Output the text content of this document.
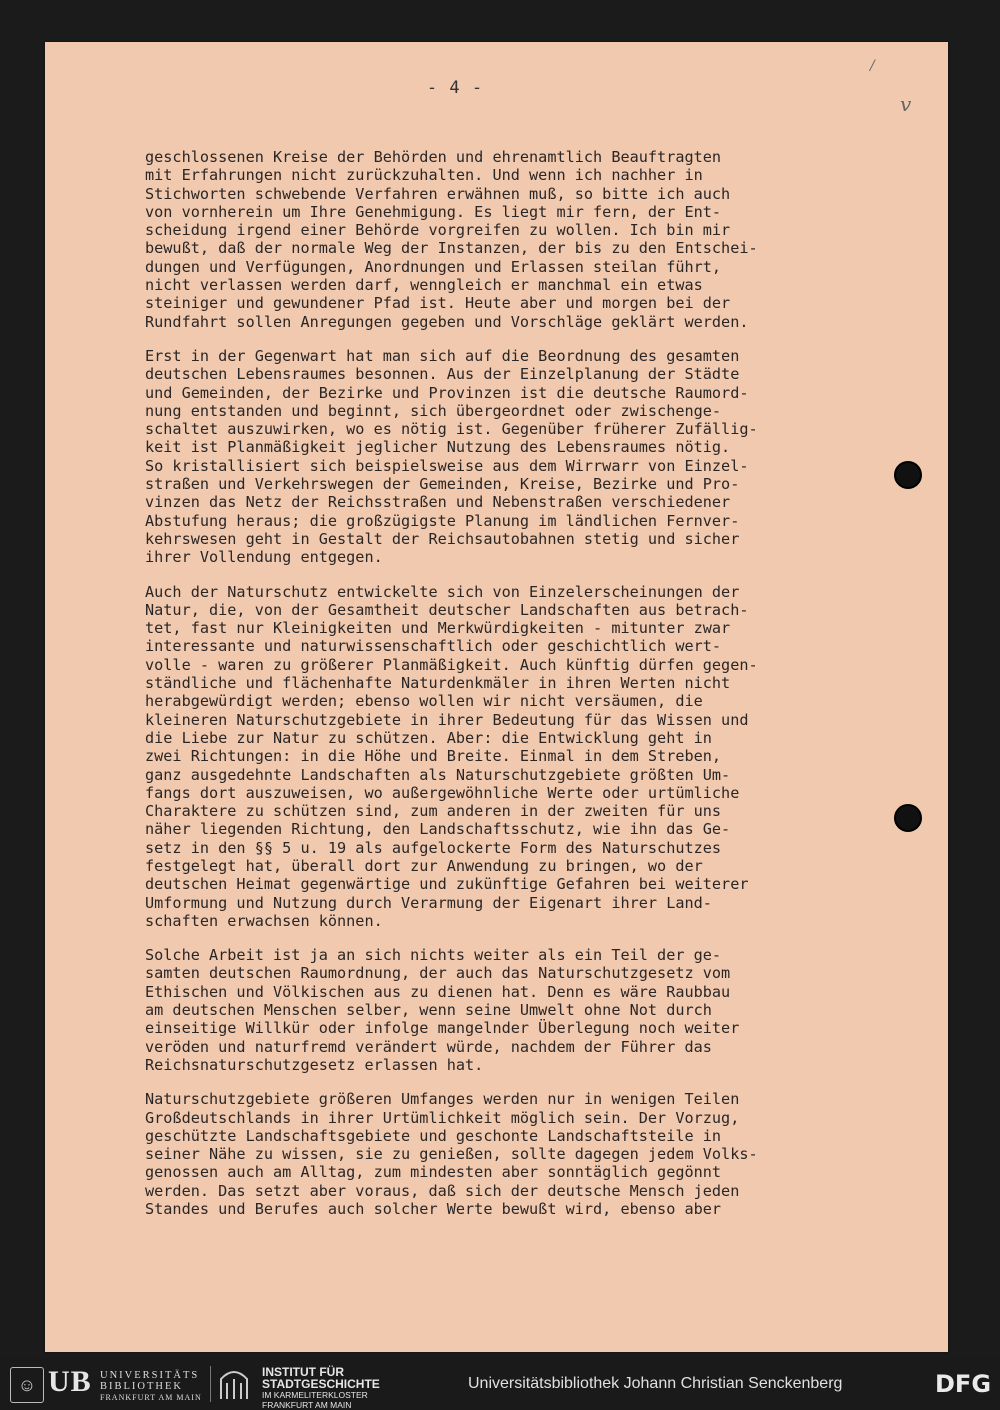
- 4 -
/
v
geschlossenen Kreise der Behörden und ehrenamtlich Beauftragten
mit Erfahrungen nicht zurückzuhalten. Und wenn ich nachher in
Stichworten schwebende Verfahren erwähnen muß, so bitte ich auch
von vornherein um Ihre Genehmigung. Es liegt mir fern, der Ent-
scheidung irgend einer Behörde vorgreifen zu wollen. Ich bin mir
bewußt, daß der normale Weg der Instanzen, der bis zu den Entschei-
dungen und Verfügungen, Anordnungen und Erlassen steilan führt,
nicht verlassen werden darf, wenngleich er manchmal ein etwas
steiniger und gewundener Pfad ist. Heute aber und morgen bei der
Rundfahrt sollen Anregungen gegeben und Vorschläge geklärt werden.
Erst in der Gegenwart hat man sich auf die Beordnung des gesamten
deutschen Lebensraumes besonnen. Aus der Einzelplanung der Städte
und Gemeinden, der Bezirke und Provinzen ist die deutsche Raumord-
nung entstanden und beginnt, sich übergeordnet oder zwischenge-
schaltet auszuwirken, wo es nötig ist. Gegenüber früherer Zufällig-
keit ist Planmäßigkeit jeglicher Nutzung des Lebensraumes nötig.
So kristallisiert sich beispielsweise aus dem Wirrwarr von Einzel-
straßen und Verkehrswegen der Gemeinden, Kreise, Bezirke und Pro-
vinzen das Netz der Reichsstraßen und Nebenstraßen verschiedener
Abstufung heraus; die großzügigste Planung im ländlichen Fernver-
kehrswesen geht in Gestalt der Reichsautobahnen stetig und sicher
ihrer Vollendung entgegen.
Auch der Naturschutz entwickelte sich von Einzelerscheinungen der
Natur, die, von der Gesamtheit deutscher Landschaften aus betrach-
tet, fast nur Kleinigkeiten und Merkwürdigkeiten - mitunter zwar
interessante und naturwissenschaftlich oder geschichtlich wert-
volle - waren zu größerer Planmäßigkeit. Auch künftig dürfen gegen-
ständliche und flächenhafte Naturdenkmäler in ihren Werten nicht
herabgewürdigt werden; ebenso wollen wir nicht versäumen, die
kleineren Naturschutzgebiete in ihrer Bedeutung für das Wissen und
die Liebe zur Natur zu schützen. Aber: die Entwicklung geht in
zwei Richtungen: in die Höhe und Breite. Einmal in dem Streben,
ganz ausgedehnte Landschaften als Naturschutzgebiete größten Um-
fangs dort auszuweisen, wo außergewöhnliche Werte oder urtümliche
Charaktere zu schützen sind, zum anderen in der zweiten für uns
näher liegenden Richtung, den Landschaftsschutz, wie ihn das Ge-
setz in den §§ 5 u. 19 als aufgelockerte Form des Naturschutzes
festgelegt hat, überall dort zur Anwendung zu bringen, wo der
deutschen Heimat gegenwärtige und zukünftige Gefahren bei weiterer
Umformung und Nutzung durch Verarmung der Eigenart ihrer Land-
schaften erwachsen können.
Solche Arbeit ist ja an sich nichts weiter als ein Teil der ge-
samten deutschen Raumordnung, der auch das Naturschutzgesetz vom
Ethischen und Völkischen aus zu dienen hat. Denn es wäre Raubbau
am deutschen Menschen selber, wenn seine Umwelt ohne Not durch
einseitige Willkür oder infolge mangelnder Überlegung noch weiter
veröden und naturfremd verändert würde, nachdem der Führer das
Reichsnaturschutzgesetz erlassen hat.
Naturschutzgebiete größeren Umfanges werden nur in wenigen Teilen
Großdeutschlands in ihrer Urtümlichkeit möglich sein. Der Vorzug,
geschützte Landschaftsgebiete und geschonte Landschaftsteile in
seiner Nähe zu wissen, sie zu genießen, sollte dagegen jedem Volks-
genossen auch am Alltag, zum mindesten aber sonntäglich gegönnt
werden. Das setzt aber voraus, daß sich der deutsche Mensch jeden
Standes und Berufes auch solcher Werte bewußt wird, ebenso aber
☺ UB UNIVERSITÄTS
BIBLIOTHEK
FRANKFURT AM MAIN
INSTITUT FÜR
STADTGESCHICHTE
IM KARMELITERKLOSTER
FRANKFURT AM MAIN
Universitätsbibliothek Johann Christian Senckenberg	DFG
